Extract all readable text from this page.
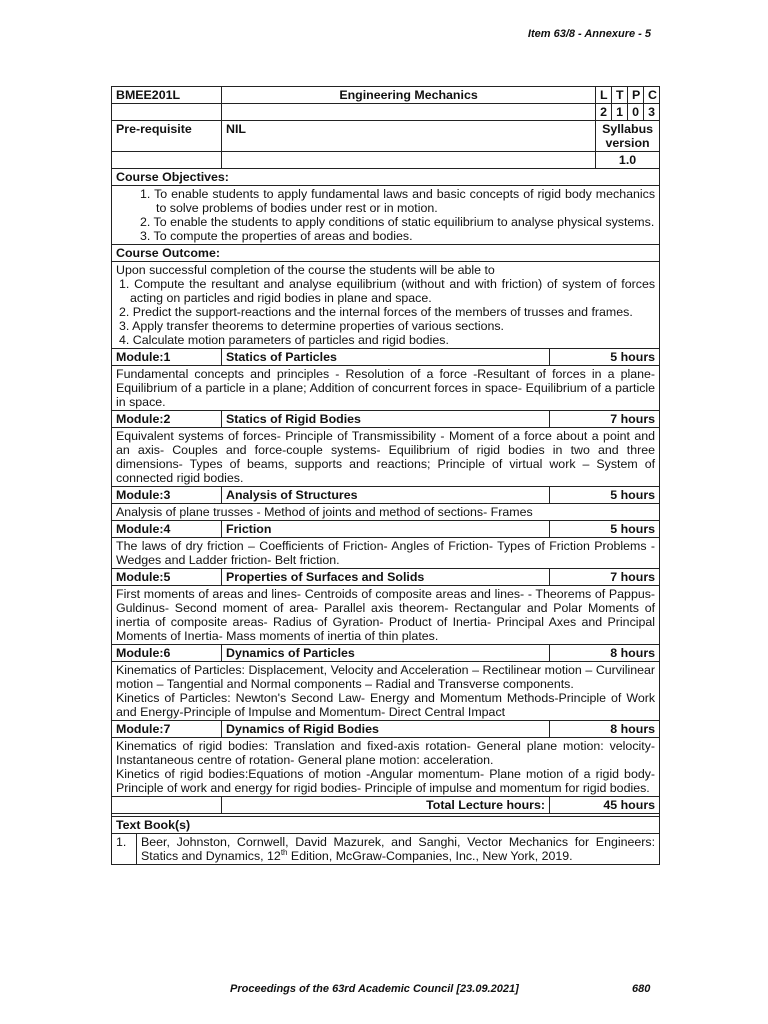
Item 63/8 - Annexure - 5
BMEE201L		Engineering Mechanics		L	T	P	C
				2	1	0	3
Pre-requisite		NIL		Syllabus version			
				1.0			
Course Objectives:							

1. To enable students to apply fundamental laws and basic concepts of rigid body mechanics to solve problems of bodies under rest or in motion.
2. To enable the students to apply conditions of static equilibrium to analyse physical systems.
3. To compute the properties of areas and bodies.							

Course Outcome:							

Upon successful completion of the course the students will be able to
1. Compute the resultant and analyse equilibrium (without and with friction) of system of forces acting on particles and rigid bodies in plane and space.
2. Predict the support-reactions and the internal forces of the members of trusses and frames.
3. Apply transfer theorems to determine properties of various sections.
4. Calculate motion parameters of particles and rigid bodies.							

Module:1		Statics of Particles	5 hours				
Fundamental concepts and principles - Resolution of a force -Resultant of forces in a plane- Equilibrium of a particle in a plane; Addition of concurrent forces in space- Equilibrium of a particle in space.							
Module:2		Statics of Rigid Bodies	7 hours				
Equivalent systems of forces- Principle of Transmissibility - Moment of a force about a point and an axis- Couples and force-couple systems- Equilibrium of rigid bodies in two and three dimensions- Types of beams, supports and reactions; Principle of virtual work – System of connected rigid bodies.							
Module:3		Analysis of Structures	5 hours				
Analysis of plane trusses - Method of joints and method of sections- Frames							
Module:4		Friction	5 hours				
The laws of dry friction – Coefficients of Friction- Angles of Friction- Types of Friction Problems - Wedges and Ladder friction- Belt friction.							
Module:5		Properties of Surfaces and Solids	7 hours				
First moments of areas and lines- Centroids of composite areas and lines- - Theorems of Pappus-Guldinus- Second moment of area- Parallel axis theorem- Rectangular and Polar Moments of inertia of composite areas- Radius of Gyration- Product of Inertia- Principal Axes and Principal Moments of Inertia- Mass moments of inertia of thin plates.							
Module:6		Dynamics of Particles	8 hours				

Kinematics of Particles: Displacement, Velocity and Acceleration – Rectilinear motion – Curvilinear motion – Tangential and Normal components – Radial and Transverse components.
Kinetics of Particles: Newton's Second Law- Energy and Momentum Methods-Principle of Work and Energy-Principle of Impulse and Momentum- Direct Central Impact							

Module:7		Dynamics of Rigid Bodies	8 hours				

Kinematics of rigid bodies: Translation and fixed-axis rotation- General plane motion: velocity- Instantaneous centre of rotation- General plane motion: acceleration.
Kinetics of rigid bodies:Equations of motion -Angular momentum- Plane motion of a rigid body- Principle of work and energy for rigid bodies- Principle of impulse and momentum for rigid bodies.							

		Total Lecture hours:	45 hours				

Text Book(s)							
1.	Beer, Johnston, Cornwell, David Mazurek, and Sanghi, Vector Mechanics for Engineers: Statics and Dynamics, 12th Edition, McGraw-Companies, Inc., New York, 2019.						
Proceedings of the 63rd Academic Council [23.09.2021]	680
